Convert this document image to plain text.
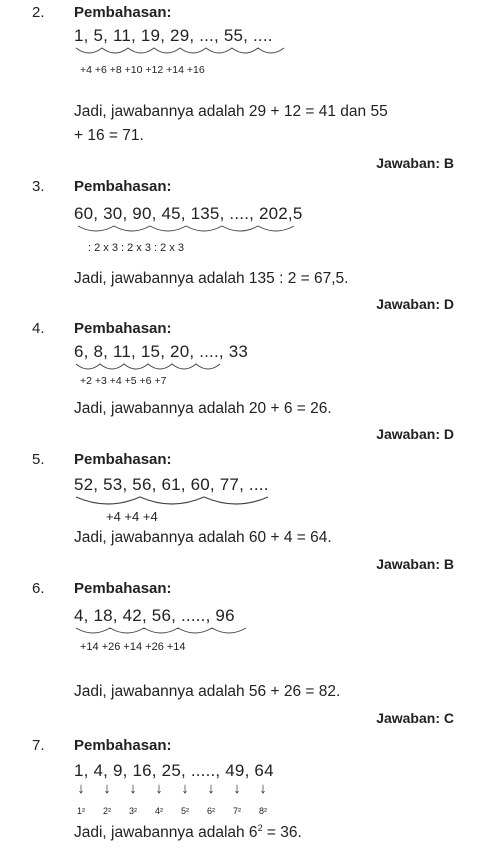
2. Pembahasan:
1, 5, 11, 19, 29, ..., 55, ....
+4 +6 +8 +10 +12 +14 +16
Jadi, jawabannya adalah 29 + 12 = 41 dan 55
+ 16 = 71.
Jawaban: B
3. Pembahasan:
60, 30, 90, 45, 135, ...., 202,5
: 2 x 3 : 2 x 3 : 2 x 3
Jadi, jawabannya adalah 135 : 2 = 67,5.
Jawaban: D
4. Pembahasan:
6, 8, 11, 15, 20, ...., 33
+2 +3 +4 +5 +6 +7
Jadi, jawabannya adalah 20 + 6 = 26.
Jawaban: D
5. Pembahasan:
52, 53, 56, 61, 60, 77, ....
+4 +4 +4
Jadi, jawabannya adalah 60 + 4 = 64.
Jawaban: B
6. Pembahasan:
4, 18, 42, 56, ....., 96
+14 +26 +14 +26 +14
Jadi, jawabannya adalah 56 + 26 = 82.
Jawaban: C
7. Pembahasan:
1, 4, 9, 16, 25, ....., 49, 64
↓ ↓ ↓ ↓ ↓ ↓ ↓ ↓
1² 2² 3² 4² 5² 6² 7² 8²
Jadi, jawabannya adalah $6^2 = 36$.
